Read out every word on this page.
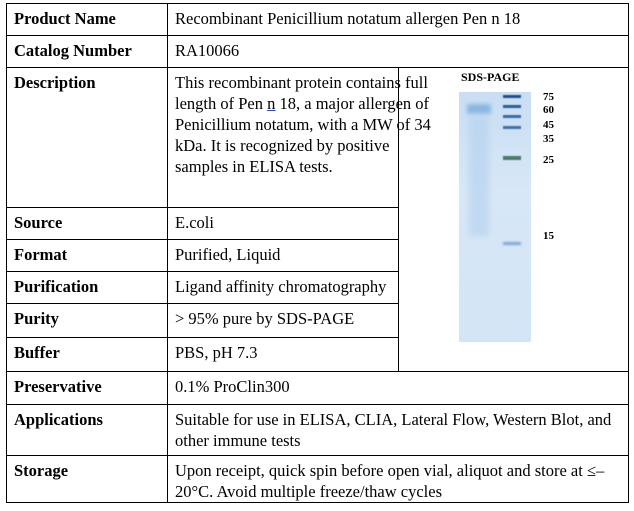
Product Name	Recombinant Penicillium notatum allergen Pen n 18	

Catalog Number	RA10066	

Description	This recombinant protein contains full length of Pen n 18, a major allergen of Penicillium notatum, with a MW of 34 kDa. It is recognized by positive samples in ELISA tests.	

Source	E.coli	

Format	Purified, Liquid	

Purification	Ligand affinity chromatography	

Purity	> 95% pure by SDS-PAGE	

Buffer	PBS, pH 7.3	

Preservative	0.1% ProClin300	

Applications	Suitable for use in ELISA, CLIA, Lateral Flow, Western Blot, and other immune tests	

Storage	Upon receipt, quick spin before open vial, aliquot and store at ≤–20°C. Avoid multiple freeze/thaw cycles	
SDS-PAGE
75
60
45
35
25
15
